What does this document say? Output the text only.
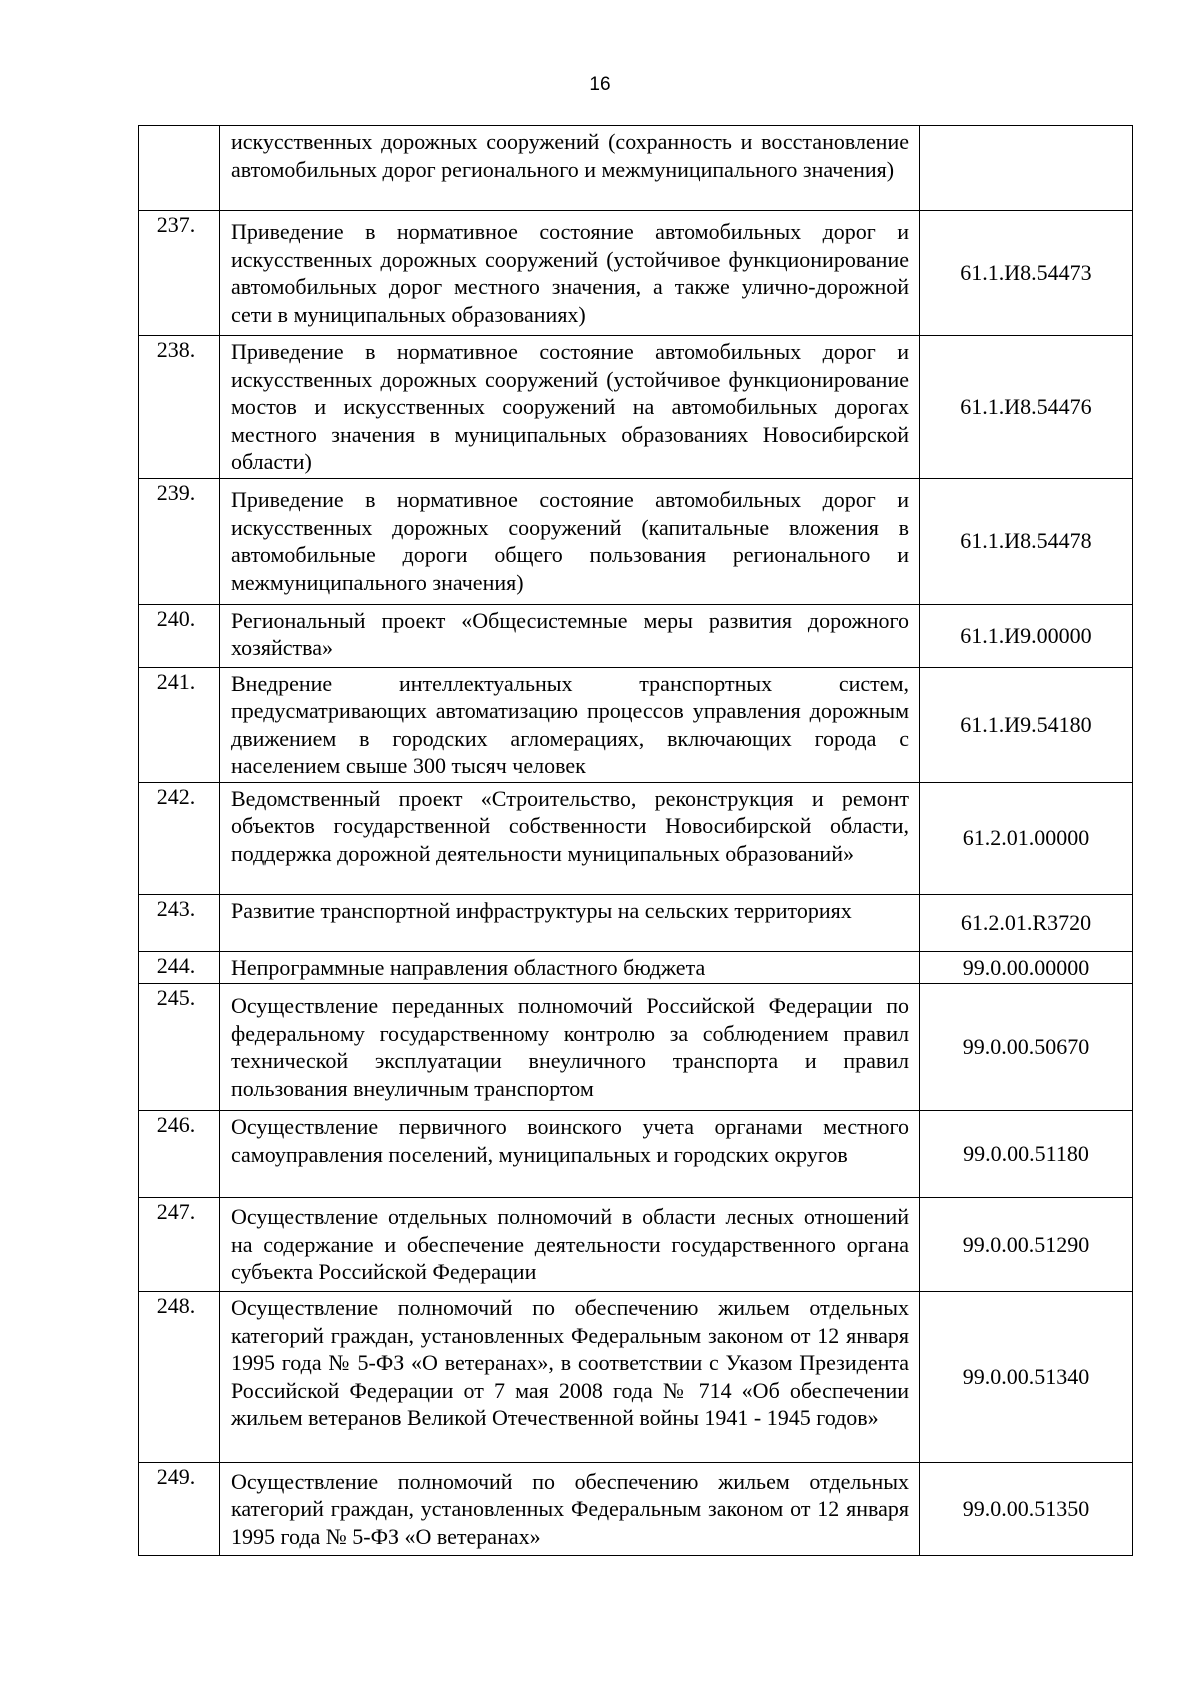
16
	искусственных дорожных сооружений (сохранность и восстановление автомобильных дорог регионального и межмуниципального значения)	
237.	Приведение в нормативное состояние автомобильных дорог и искусственных дорожных сооружений (устойчивое функционирование автомобильных дорог местного значения, а также улично-дорожной сети в муниципальных образованиях)	61.1.И8.54473
238.	Приведение в нормативное состояние автомобильных дорог и искусственных дорожных сооружений (устойчивое функционирование мостов и искусственных сооружений на автомобильных дорогах местного значения в муниципальных образованиях Новосибирской области)	61.1.И8.54476
239.	Приведение в нормативное состояние автомобильных дорог и искусственных дорожных сооружений (капитальные вложения в автомобильные дороги общего пользования регионального и межмуниципального значения)	61.1.И8.54478
240.	Региональный проект «Общесистемные меры развития дорожного хозяйства»	61.1.И9.00000
241.	Внедрение интеллектуальных транспортных систем, предусматривающих автоматизацию процессов управления дорожным движением в городских агломерациях, включающих города с населением свыше 300 тысяч человек	61.1.И9.54180
242.	Ведомственный проект «Строительство, реконструкция и ремонт объектов государственной собственности Новосибирской области, поддержка дорожной деятельности муниципальных образований»	61.2.01.00000
243.	Развитие транспортной инфраструктуры на сельских территориях	61.2.01.R3720
244.	Непрограммные направления областного бюджета	99.0.00.00000
245.	Осуществление переданных полномочий Российской Федерации по федеральному государственному контролю за соблюдением правил технической эксплуатации внеуличного транспорта и правил пользования внеуличным транспортом	99.0.00.50670
246.	Осуществление первичного воинского учета органами местного самоуправления поселений, муниципальных и городских округов	99.0.00.51180
247.	Осуществление отдельных полномочий в области лесных отношений на содержание и обеспечение деятельности государственного органа субъекта Российской Федерации	99.0.00.51290
248.	Осуществление полномочий по обеспечению жильем отдельных категорий граждан, установленных Федеральным законом от 12 января 1995 года № 5-ФЗ «О ветеранах», в соответствии с Указом Президента Российской Федерации от 7 мая 2008 года № 714 «Об обеспечении жильем ветеранов Великой Отечественной войны 1941 - 1945 годов»	99.0.00.51340
249.	Осуществление полномочий по обеспечению жильем отдельных категорий граждан, установленных Федеральным законом от 12 января 1995 года № 5-ФЗ «О ветеранах»	99.0.00.51350
